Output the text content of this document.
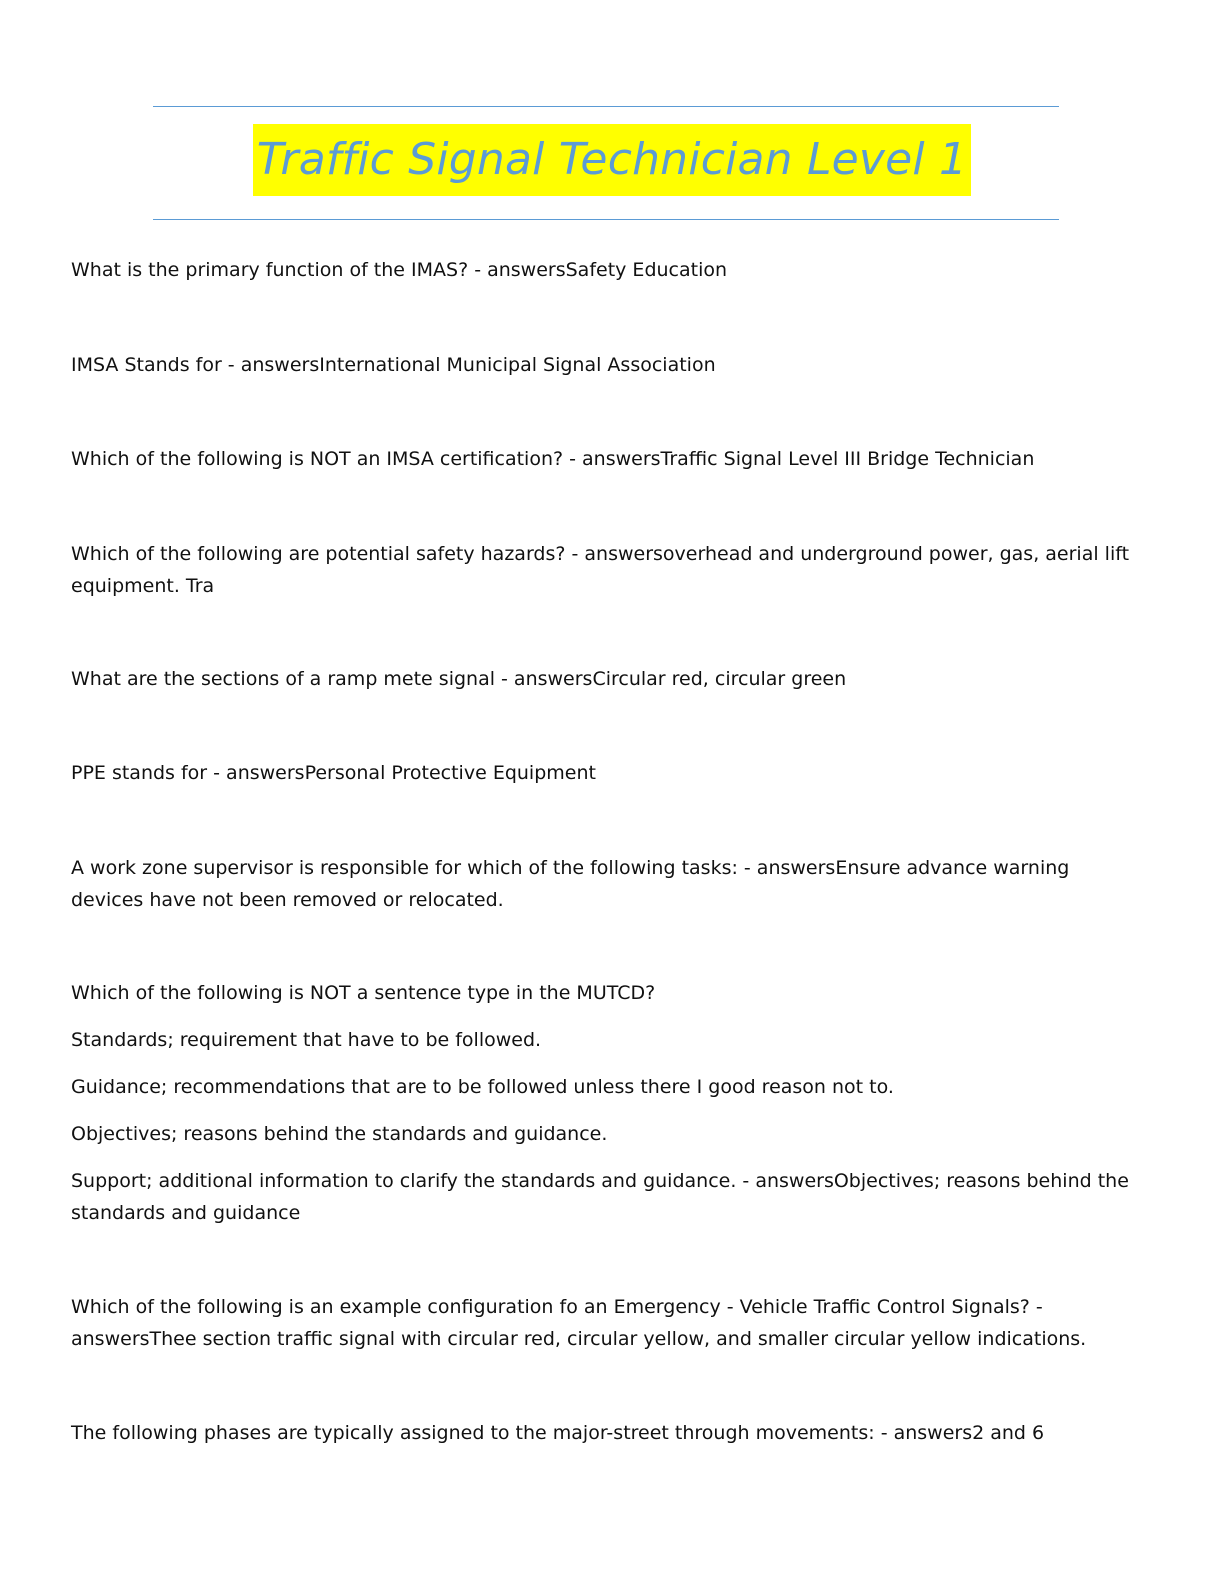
Traffic Signal Technician Level 1

What is the primary function of the IMAS? - answersSafety Education

IMSA Stands for - answersInternational Municipal Signal Association

Which of the following is NOT an IMSA certification? - answersTraffic Signal Level III Bridge Technician

Which of the following are potential safety hazards? - answersoverhead and underground power, gas, aerial lift equipment. Tra

What are the sections of a ramp mete signal - answersCircular red, circular green

PPE stands for - answersPersonal Protective Equipment

A work zone supervisor is responsible for which of the following tasks: - answersEnsure advance warning devices have not been removed or relocated.

Which of the following is NOT a sentence type in the MUTCD?

Standards; requirement that have to be followed.

Guidance; recommendations that are to be followed unless there I good reason not to.

Objectives; reasons behind the standards and guidance.

Support; additional information to clarify the standards and guidance. - answersObjectives; reasons behind the standards and guidance

Which of the following is an example configuration fo an Emergency - Vehicle Traffic Control Signals? - answersThee section traffic signal with circular red, circular yellow, and smaller circular yellow indications.

The following phases are typically assigned to the major-street through movements: - answers2 and 6
